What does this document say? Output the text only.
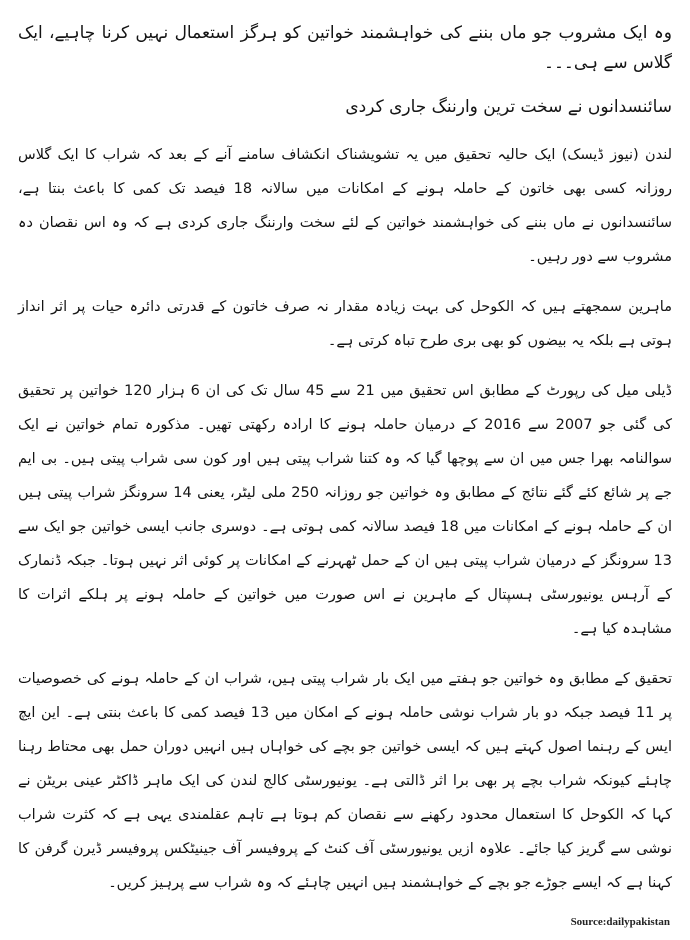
وہ ایک مشروب جو ماں بننے کی خواہشمند خواتین کو ہرگز استعمال نہیں کرنا چاہیے، ایک گلاس سے ہی۔۔۔
سائنسدانوں نے سخت ترین وارننگ جاری کردی

لندن (نیوز ڈیسک) ایک حالیہ تحقیق میں یہ تشویشناک انکشاف سامنے آنے کے بعد کہ شراب کا ایک گلاس روزانہ کسی بھی خاتون کے حاملہ ہونے کے امکانات میں سالانہ 18 فیصد تک کمی کا باعث بنتا ہے، سائنسدانوں نے ماں بننے کی خواہشمند خواتین کے لئے سخت وارننگ جاری کردی ہے کہ وہ اس نقصان دہ مشروب سے دور رہیں۔

ماہرین سمجھتے ہیں کہ الکوحل کی بہت زیادہ مقدار نہ صرف خاتون کے قدرتی دائرہ حیات پر اثر انداز ہوتی ہے بلکہ یہ بیضوں کو بھی بری طرح تباہ کرتی ہے۔

ڈیلی میل کی رپورٹ کے مطابق اس تحقیق میں 21 سے 45 سال تک کی ان 6 ہزار 120 خواتین پر تحقیق کی گئی جو 2007 سے 2016 کے درمیان حاملہ ہونے کا ارادہ رکھتی تھیں۔ مذکورہ تمام خواتین نے ایک سوالنامہ بھرا جس میں ان سے پوچھا گیا کہ وہ کتنا شراب پیتی ہیں اور کون سی شراب پیتی ہیں۔ بی ایم جے پر شائع کئے گئے نتائج کے مطابق وہ خواتین جو روزانہ 250 ملی لیٹر، یعنی 14 سرونگز شراب پیتی ہیں ان کے حاملہ ہونے کے امکانات میں 18 فیصد سالانہ کمی ہوتی ہے۔ دوسری جانب ایسی خواتین جو ایک سے 13 سرونگز کے درمیان شراب پیتی ہیں ان کے حمل ٹھہرنے کے امکانات پر کوئی اثر نہیں ہوتا۔ جبکہ ڈنمارک کے آرہس یونیورسٹی ہسپتال کے ماہرین نے اس صورت میں خواتین کے حاملہ ہونے پر ہلکے اثرات کا مشاہدہ کیا ہے۔

تحقیق کے مطابق وہ خواتین جو ہفتے میں ایک بار شراب پیتی ہیں، شراب ان کے حاملہ ہونے کی خصوصیات پر 11 فیصد جبکہ دو بار شراب نوشی حاملہ ہونے کے امکان میں 13 فیصد کمی کا باعث بنتی ہے۔ این ایچ ایس کے رہنما اصول کہتے ہیں کہ ایسی خواتین جو بچے کی خواہاں ہیں انہیں دوران حمل بھی محتاط رہنا چاہئے کیونکہ شراب بچے پر بھی برا اثر ڈالتی ہے۔ یونیورسٹی کالج لندن کی ایک ماہر ڈاکٹر عینی بریٹن نے کہا کہ الکوحل کا استعمال محدود رکھنے سے نقصان کم ہوتا ہے تاہم عقلمندی یہی ہے کہ کثرت شراب نوشی سے گریز کیا جائے۔ علاوہ ازیں یونیورسٹی آف کنٹ کے پروفیسر آف جینیٹکس پروفیسر ڈیرن گرفن کا کہنا ہے کہ ایسے جوڑے جو بچے کے خواہشمند ہیں انہیں چاہئے کہ وہ شراب سے پرہیز کریں۔

Source:dailypakistan
